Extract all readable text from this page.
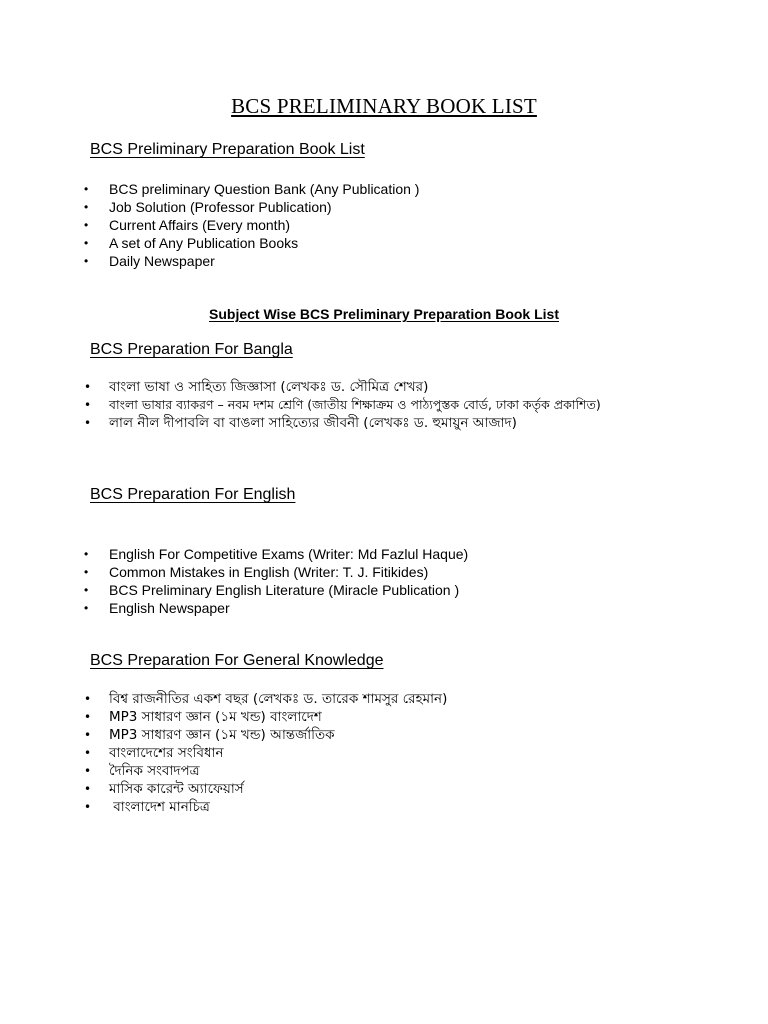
BCS PRELIMINARY BOOK LIST
BCS Preliminary Preparation Book List
•	BCS preliminary Question Bank (Any Publication )
•	Job Solution (Professor Publication)
•	Current Affairs (Every month)
•	A set of Any Publication Books
•	Daily Newspaper
Subject Wise BCS Preliminary Preparation Book List
BCS Preparation For Bangla
• বাংলা ভাষা ও সাহিত্য জিজ্ঞাসা (লেখকঃ ড. সৌমিত্র শেখর)
• বাংলা ভাষার ব্যাকরণ – নবম দশম শ্রেণি (জাতীয় শিক্ষাক্রম ও পাঠ্যপুস্তক বোর্ড, ঢাকা কর্তৃক প্রকাশিত)
• লাল নীল দীপাবলি বা বাঙলা সাহিত্যের জীবনী (লেখকঃ ড. হুমায়ুন আজাদ)
BCS Preparation For English
•	English For Competitive Exams (Writer: Md Fazlul Haque)
•	Common Mistakes in English (Writer: T. J. Fitikides)
•	BCS Preliminary English Literature (Miracle Publication )
•	English Newspaper
BCS Preparation For General Knowledge
• বিশ্ব রাজনীতির একশ বছর (লেখকঃ ড. তারেক শামসুর রেহমান)
• MP3 সাধারণ জ্ঞান (১ম খন্ড) বাংলাদেশ
• MP3 সাধারণ জ্ঞান (১ম খন্ড) আন্তর্জাতিক
• বাংলাদেশের সংবিধান
• দৈনিক সংবাদপত্র
• মাসিক কারেন্ট অ্যাফেয়ার্স
• বাংলাদেশ মানচিত্র
